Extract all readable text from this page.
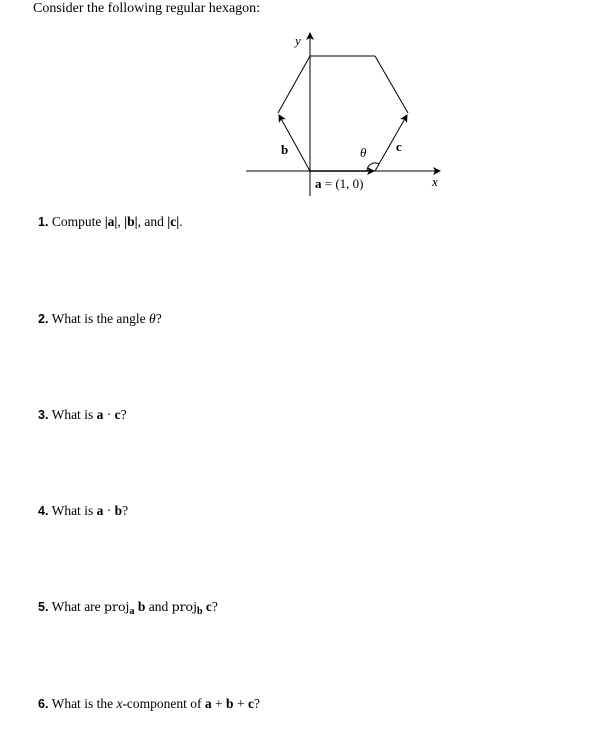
Consider the following regular hexagon:
y
x
b	c
θ
a = (1, 0)
1. Compute |a|, |b|, and |c|.
2. What is the angle θ?
3. What is a · c?
4. What is a · b?
5. What are proj$_a$ b and proj$_b$ c?
6. What is the x-component of a + b + c?
